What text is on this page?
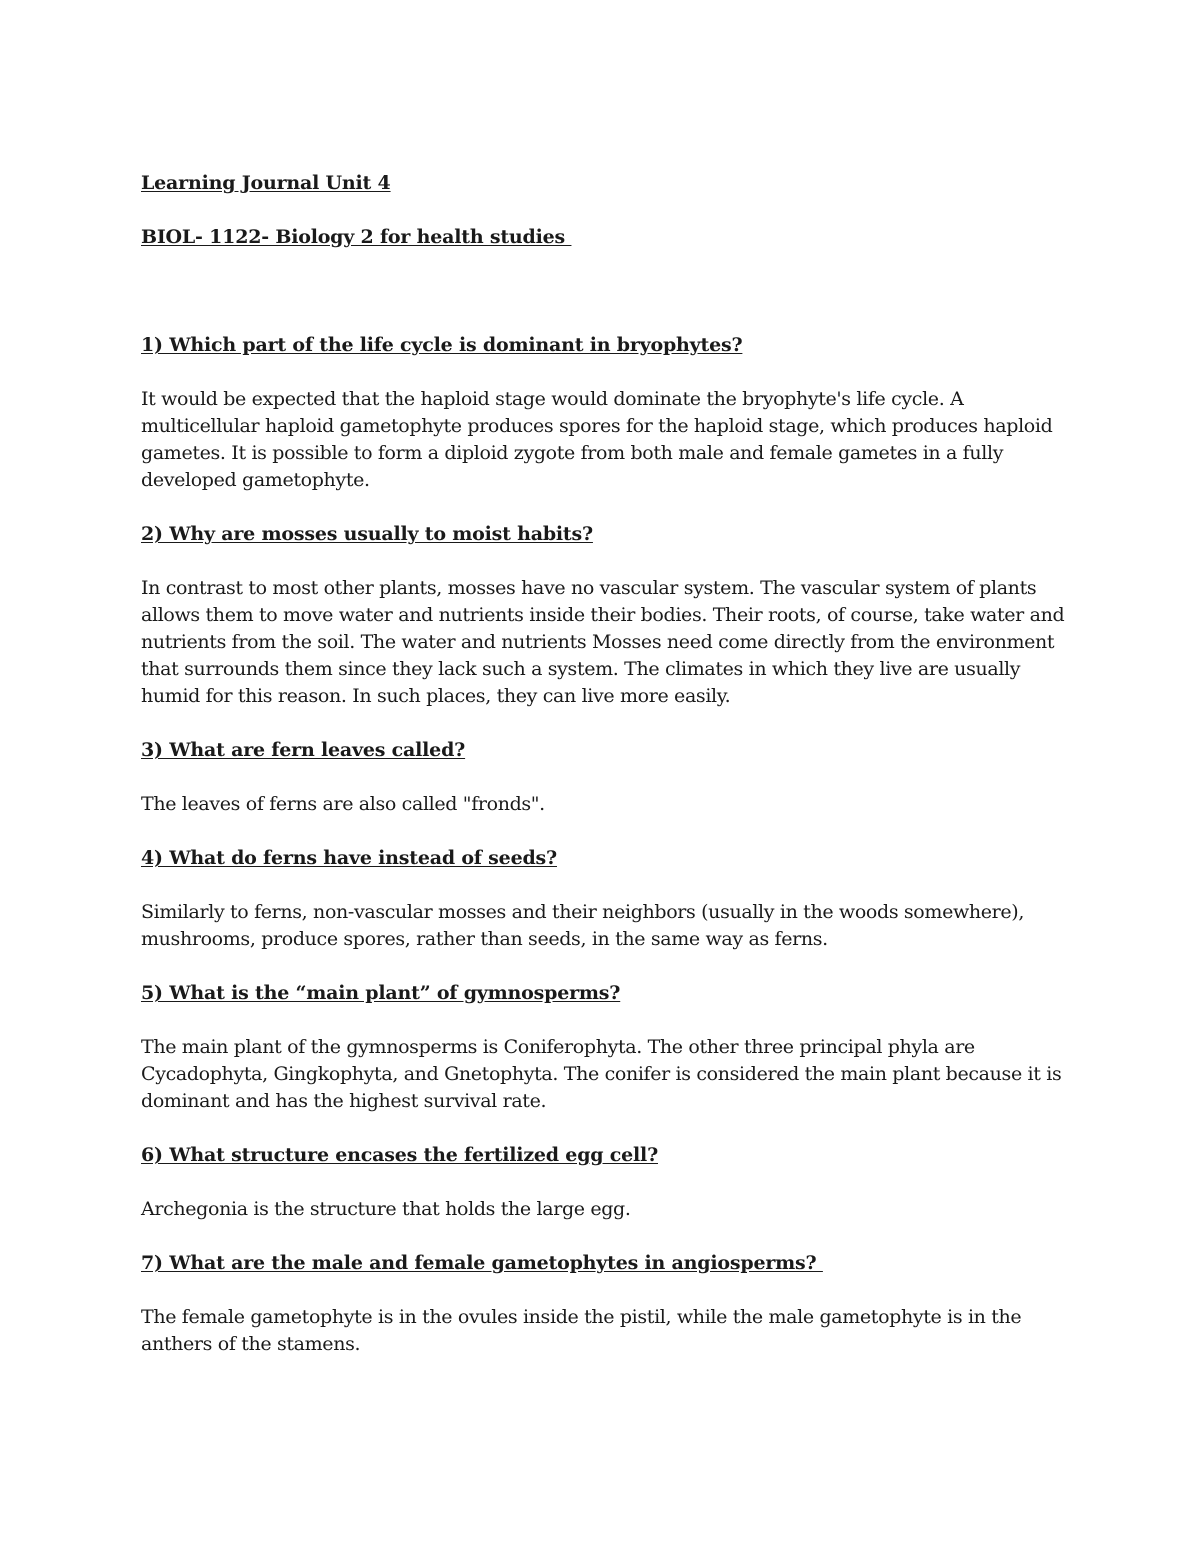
Learning Journal Unit 4

BIOL- 1122- Biology 2 for health studies

1) Which part of the life cycle is dominant in bryophytes?

It would be expected that the haploid stage would dominate the bryophyte's life cycle. A multicellular haploid gametophyte produces spores for the haploid stage, which produces haploid gametes. It is possible to form a diploid zygote from both male and female gametes in a fully developed gametophyte.

2) Why are mosses usually to moist habits?

In contrast to most other plants, mosses have no vascular system. The vascular system of plants allows them to move water and nutrients inside their bodies. Their roots, of course, take water and nutrients from the soil. The water and nutrients Mosses need come directly from the environment that surrounds them since they lack such a system. The climates in which they live are usually humid for this reason. In such places, they can live more easily.

3) What are fern leaves called?

The leaves of ferns are also called "fronds".

4) What do ferns have instead of seeds?

Similarly to ferns, non-vascular mosses and their neighbors (usually in the woods somewhere), mushrooms, produce spores, rather than seeds, in the same way as ferns.

5) What is the “main plant” of gymnosperms?

The main plant of the gymnosperms is Coniferophyta. The other three principal phyla are Cycadophyta, Gingkophyta, and Gnetophyta. The conifer is considered the main plant because it is dominant and has the highest survival rate.

6) What structure encases the fertilized egg cell?

Archegonia is the structure that holds the large egg.

7) What are the male and female gametophytes in angiosperms?

The female gametophyte is in the ovules inside the pistil, while the male gametophyte is in the anthers of the stamens.
